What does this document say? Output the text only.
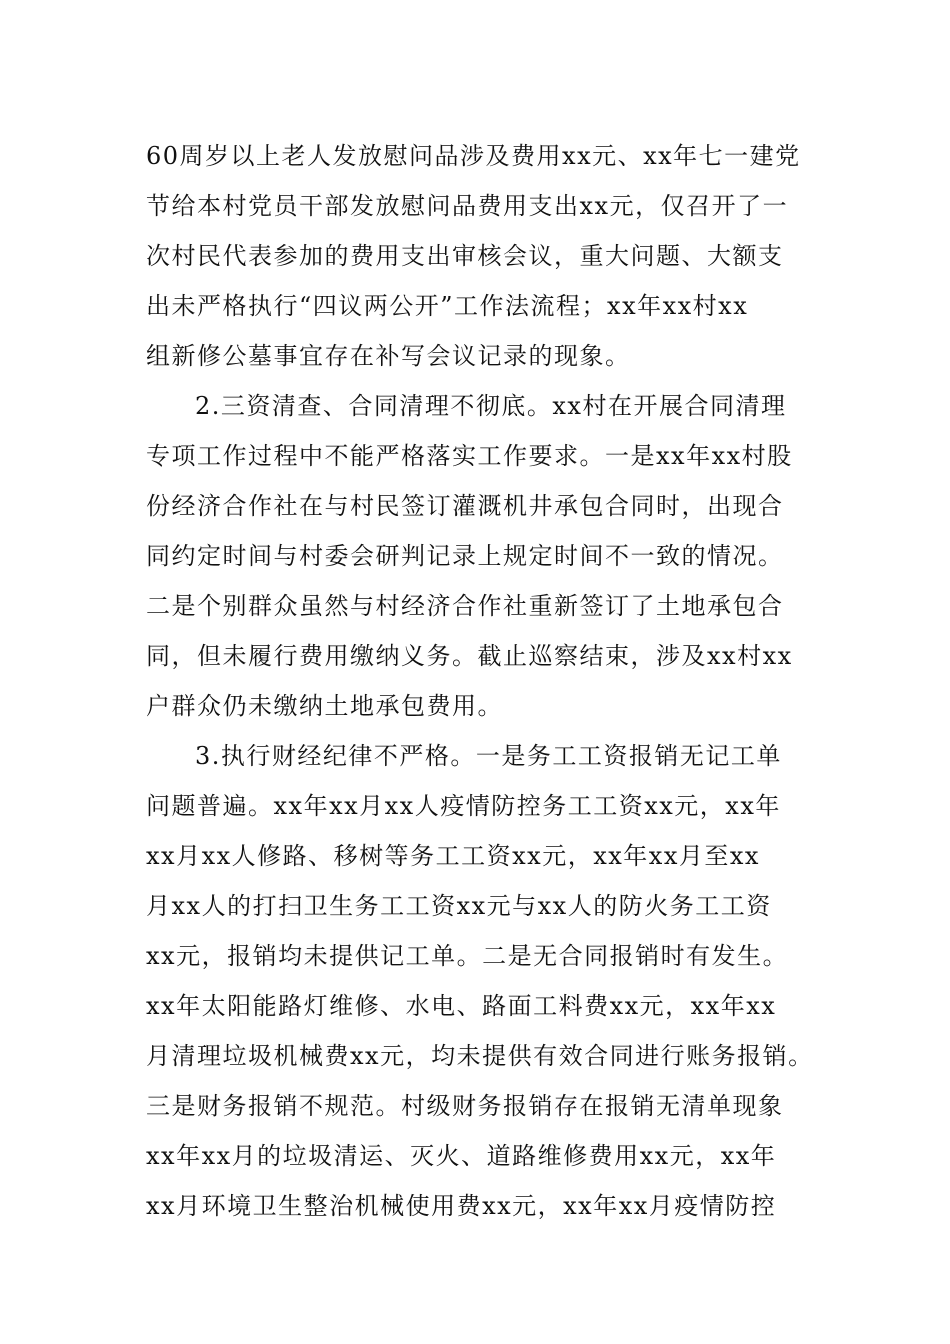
60周岁以上老人发放慰问品涉及费用xx元、xx年七一建党
节给本村党员干部发放慰问品费用支出xx元，仅召开了一
次村民代表参加的费用支出审核会议，重大问题、大额支
出未严格执行“四议两公开”工作法流程；xx年xx村xx
组新修公墓事宜存在补写会议记录的现象。
2.三资清查、合同清理不彻底。xx村在开展合同清理
专项工作过程中不能严格落实工作要求。一是xx年xx村股
份经济合作社在与村民签订灌溉机井承包合同时，出现合
同约定时间与村委会研判记录上规定时间不一致的情况。
二是个别群众虽然与村经济合作社重新签订了土地承包合
同，但未履行费用缴纳义务。截止巡察结束，涉及xx村xx
户群众仍未缴纳土地承包费用。
3.执行财经纪律不严格。一是务工工资报销无记工单
问题普遍。xx年xx月xx人疫情防控务工工资xx元，xx年
xx月xx人修路、移树等务工工资xx元，xx年xx月至xx
月xx人的打扫卫生务工工资xx元与xx人的防火务工工资
xx元，报销均未提供记工单。二是无合同报销时有发生。
xx年太阳能路灯维修、水电、路面工料费xx元，xx年xx
月清理垃圾机械费xx元，均未提供有效合同进行账务报销。
三是财务报销不规范。村级财务报销存在报销无清单现象
xx年xx月的垃圾清运、灭火、道路维修费用xx元，xx年
xx月环境卫生整治机械使用费xx元，xx年xx月疫情防控
